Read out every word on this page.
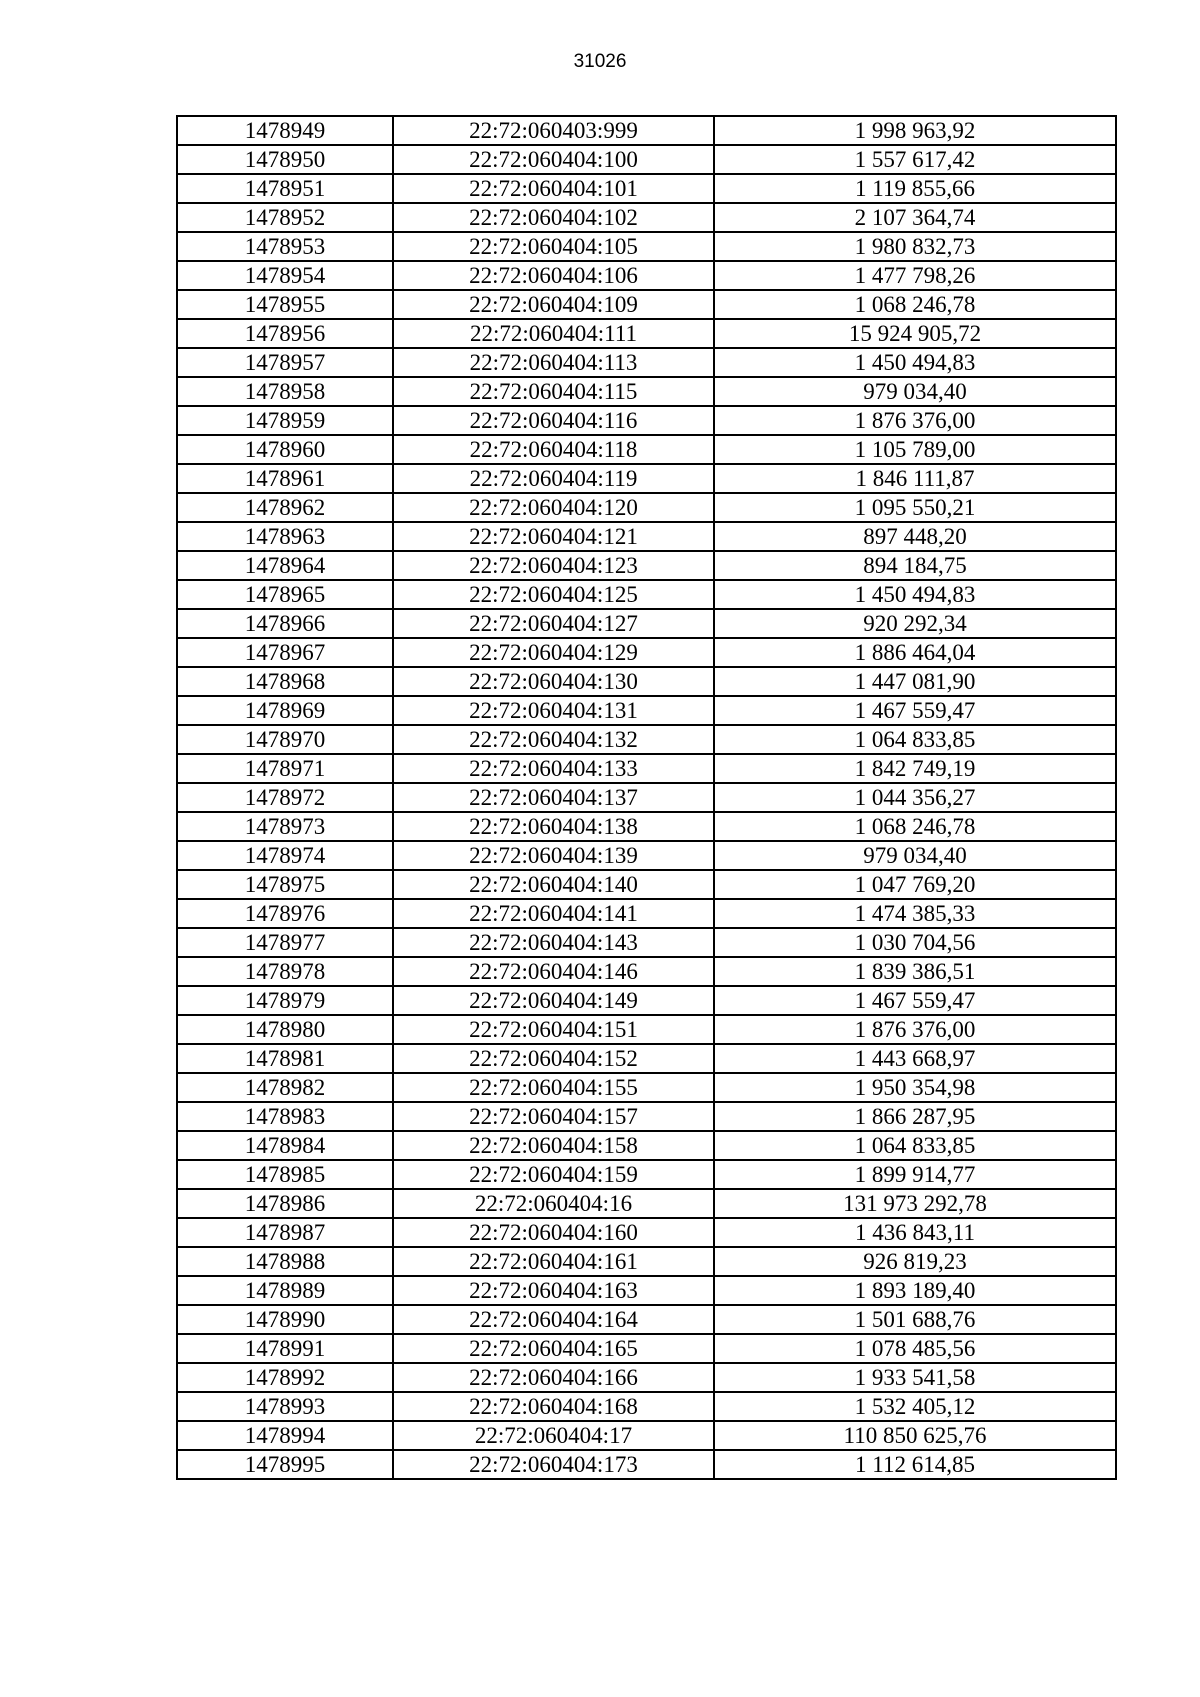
31026
1478949	22:72:060403:999	1 998 963,92
1478950	22:72:060404:100	1 557 617,42
1478951	22:72:060404:101	1 119 855,66
1478952	22:72:060404:102	2 107 364,74
1478953	22:72:060404:105	1 980 832,73
1478954	22:72:060404:106	1 477 798,26
1478955	22:72:060404:109	1 068 246,78
1478956	22:72:060404:111	15 924 905,72
1478957	22:72:060404:113	1 450 494,83
1478958	22:72:060404:115	979 034,40
1478959	22:72:060404:116	1 876 376,00
1478960	22:72:060404:118	1 105 789,00
1478961	22:72:060404:119	1 846 111,87
1478962	22:72:060404:120	1 095 550,21
1478963	22:72:060404:121	897 448,20
1478964	22:72:060404:123	894 184,75
1478965	22:72:060404:125	1 450 494,83
1478966	22:72:060404:127	920 292,34
1478967	22:72:060404:129	1 886 464,04
1478968	22:72:060404:130	1 447 081,90
1478969	22:72:060404:131	1 467 559,47
1478970	22:72:060404:132	1 064 833,85
1478971	22:72:060404:133	1 842 749,19
1478972	22:72:060404:137	1 044 356,27
1478973	22:72:060404:138	1 068 246,78
1478974	22:72:060404:139	979 034,40
1478975	22:72:060404:140	1 047 769,20
1478976	22:72:060404:141	1 474 385,33
1478977	22:72:060404:143	1 030 704,56
1478978	22:72:060404:146	1 839 386,51
1478979	22:72:060404:149	1 467 559,47
1478980	22:72:060404:151	1 876 376,00
1478981	22:72:060404:152	1 443 668,97
1478982	22:72:060404:155	1 950 354,98
1478983	22:72:060404:157	1 866 287,95
1478984	22:72:060404:158	1 064 833,85
1478985	22:72:060404:159	1 899 914,77
1478986	22:72:060404:16	131 973 292,78
1478987	22:72:060404:160	1 436 843,11
1478988	22:72:060404:161	926 819,23
1478989	22:72:060404:163	1 893 189,40
1478990	22:72:060404:164	1 501 688,76
1478991	22:72:060404:165	1 078 485,56
1478992	22:72:060404:166	1 933 541,58
1478993	22:72:060404:168	1 532 405,12
1478994	22:72:060404:17	110 850 625,76
1478995	22:72:060404:173	1 112 614,85
